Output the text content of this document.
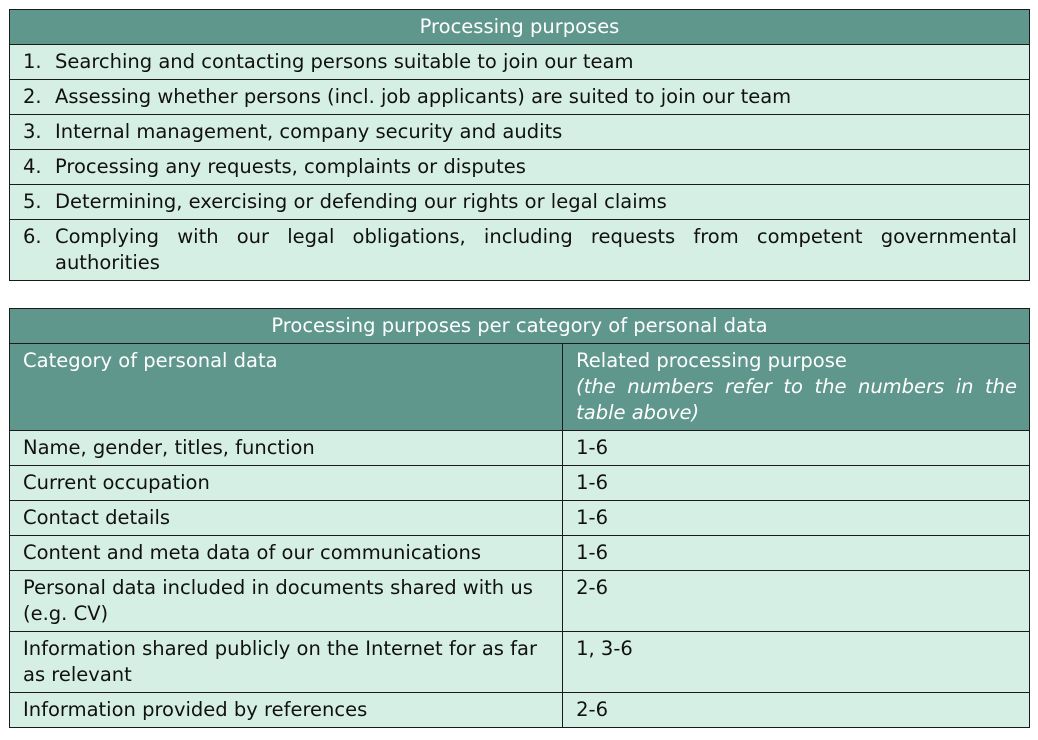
Processing purposes

1. Searching and contacting persons suitable to join our team

2. Assessing whether persons (incl. job applicants) are suited to join our team

3. Internal management, company security and audits

4. Processing any requests, complaints or disputes

5. Determining, exercising or defending our rights or legal claims

6. Complying with our legal obligations, including requests from competent governmental authorities
Processing purposes per category of personal data	
Category of personal data	Related processing purpose
(the numbers refer to the numbers in the table above)

Name, gender, titles, function	1-6
Current occupation	1-6
Contact details	1-6
Content and meta data of our communications	1-6
Personal data included in documents shared with us (e.g. CV)	2-6
Information shared publicly on the Internet for as far as relevant	1, 3-6
Information provided by references	2-6
